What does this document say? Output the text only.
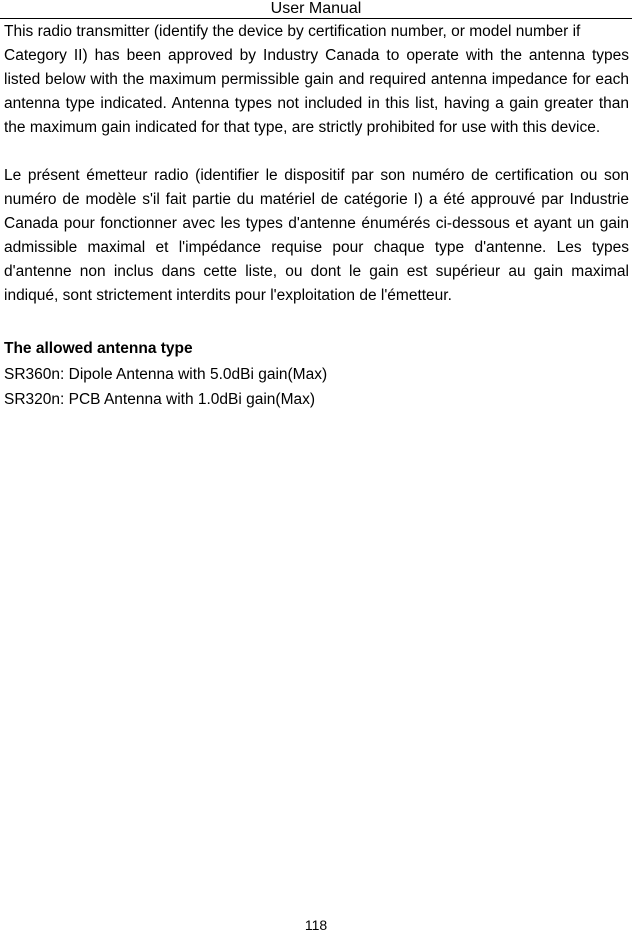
User Manual

This radio transmitter (identify the device by certification number, or model number if

Category II) has been approved by Industry Canada to operate with the antenna types listed below with the maximum permissible gain and required antenna impedance for each antenna type indicated. Antenna types not included in this list, having a gain greater than the maximum gain indicated for that type, are strictly prohibited for use with this device.

Le présent émetteur radio (identifier le dispositif par son numéro de certification ou son numéro de modèle s'il fait partie du matériel de catégorie I) a été approuvé par Industrie Canada pour fonctionner avec les types d'antenne énumérés ci-dessous et ayant un gain admissible maximal et l'impédance requise pour chaque type d'antenne. Les types d'antenne non inclus dans cette liste, ou dont le gain est supérieur au gain maximal indiqué, sont strictement interdits pour l'exploitation de l'émetteur.

The allowed antenna type

SR360n: Dipole Antenna with 5.0dBi gain(Max)

SR320n: PCB Antenna with 1.0dBi gain(Max)

118
